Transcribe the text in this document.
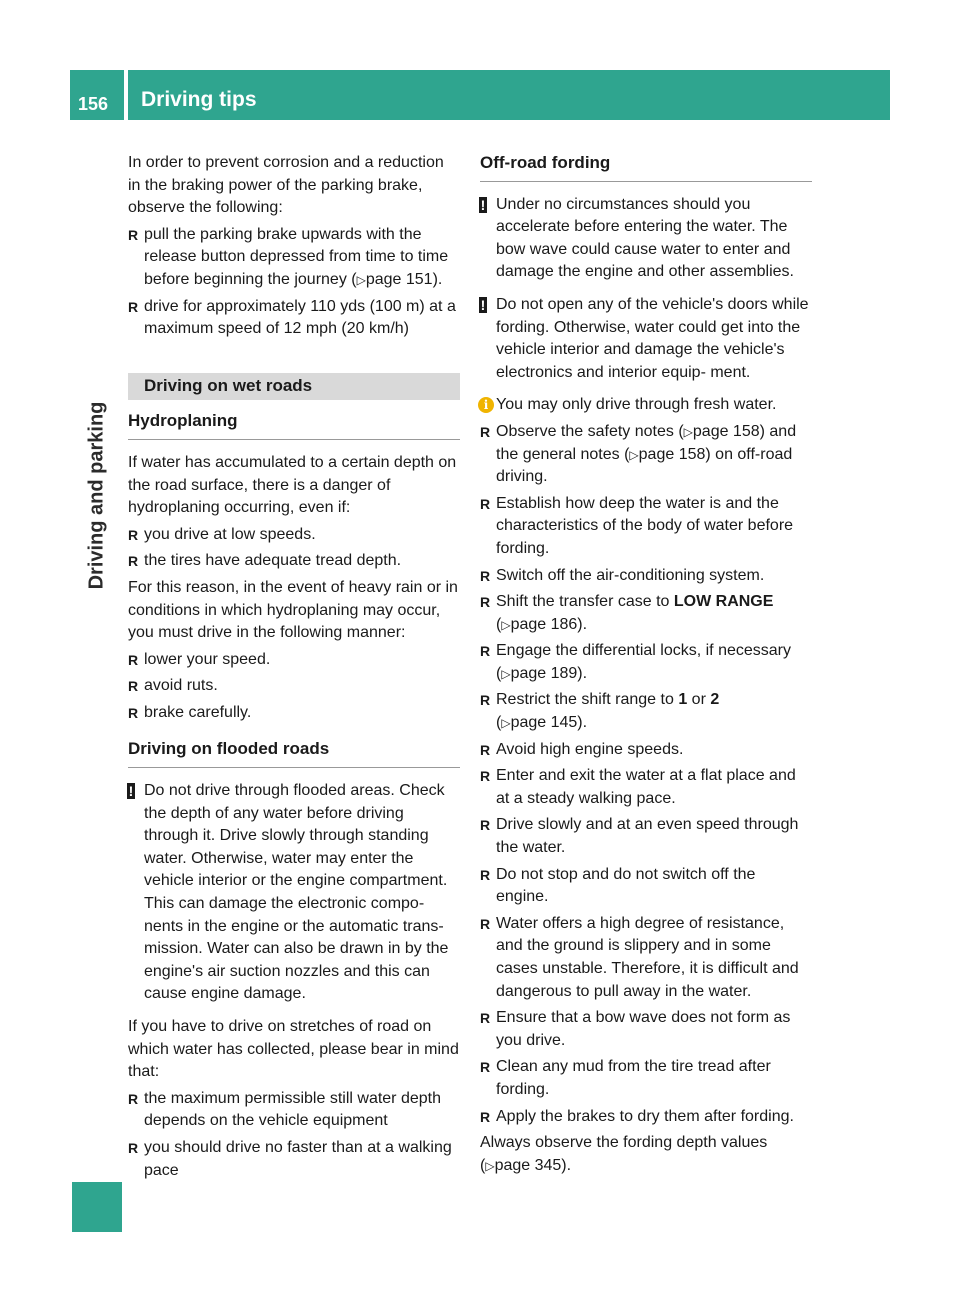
156 Driving tips
Driving and parking

In order to prevent corrosion and a reduction in the braking power of the parking brake, observe the following:

R pull the parking brake upwards with the release button depressed from time to time before beginning the journey (▷page 151).
R drive for approximately 110 yds (100 m) at a maximum speed of 12 mph (20 km/h)
Driving on wet roads
Hydroplaning

If water has accumulated to a certain depth on the road surface, there is a danger of hydroplaning occurring, even if:

R you drive at low speeds.
R the tires have adequate tread depth.

For this reason, in the event of heavy rain or in conditions in which hydroplaning may occur, you must drive in the following manner:

R lower your speed.
R avoid ruts.
R brake carefully.
Driving on flooded roads
! Do not drive through flooded areas. Check the depth of any water before driving through it. Drive slowly through standing water. Otherwise, water may enter the vehicle interior or the engine compartment. This can damage the electronic compo- nents in the engine or the automatic trans- mission. Water can also be drawn in by the engine's air suction nozzles and this can cause engine damage.

If you have to drive on stretches of road on which water has collected, please bear in mind that:

R the maximum permissible still water depth depends on the vehicle equipment
R you should drive no faster than at a walking pace
Off-road fording
! Under no circumstances should you accelerate before entering the water. The bow wave could cause water to enter and damage the engine and other assemblies.
! Do not open any of the vehicle's doors while fording. Otherwise, water could get into the vehicle interior and damage the vehicle's electronics and interior equip- ment.
i You may only drive through fresh water.
R Observe the safety notes (▷page 158) and the general notes (▷page 158) on off-road driving.
R Establish how deep the water is and the characteristics of the body of water before fording.
R Switch off the air-conditioning system.
R Shift the transfer case to LOW RANGE
(▷page 186).
R Engage the differential locks, if necessary
(▷page 189).
R Restrict the shift range to 1 or 2
(▷page 145).
R Avoid high engine speeds.
R Enter and exit the water at a flat place and at a steady walking pace.
R Drive slowly and at an even speed through the water.
R Do not stop and do not switch off the engine.
R Water offers a high degree of resistance, and the ground is slippery and in some cases unstable. Therefore, it is difficult and dangerous to pull away in the water.
R Ensure that a bow wave does not form as you drive.
R Clean any mud from the tire tread after fording.
R Apply the brakes to dry them after fording.

Always observe the fording depth values
(▷page 345).
